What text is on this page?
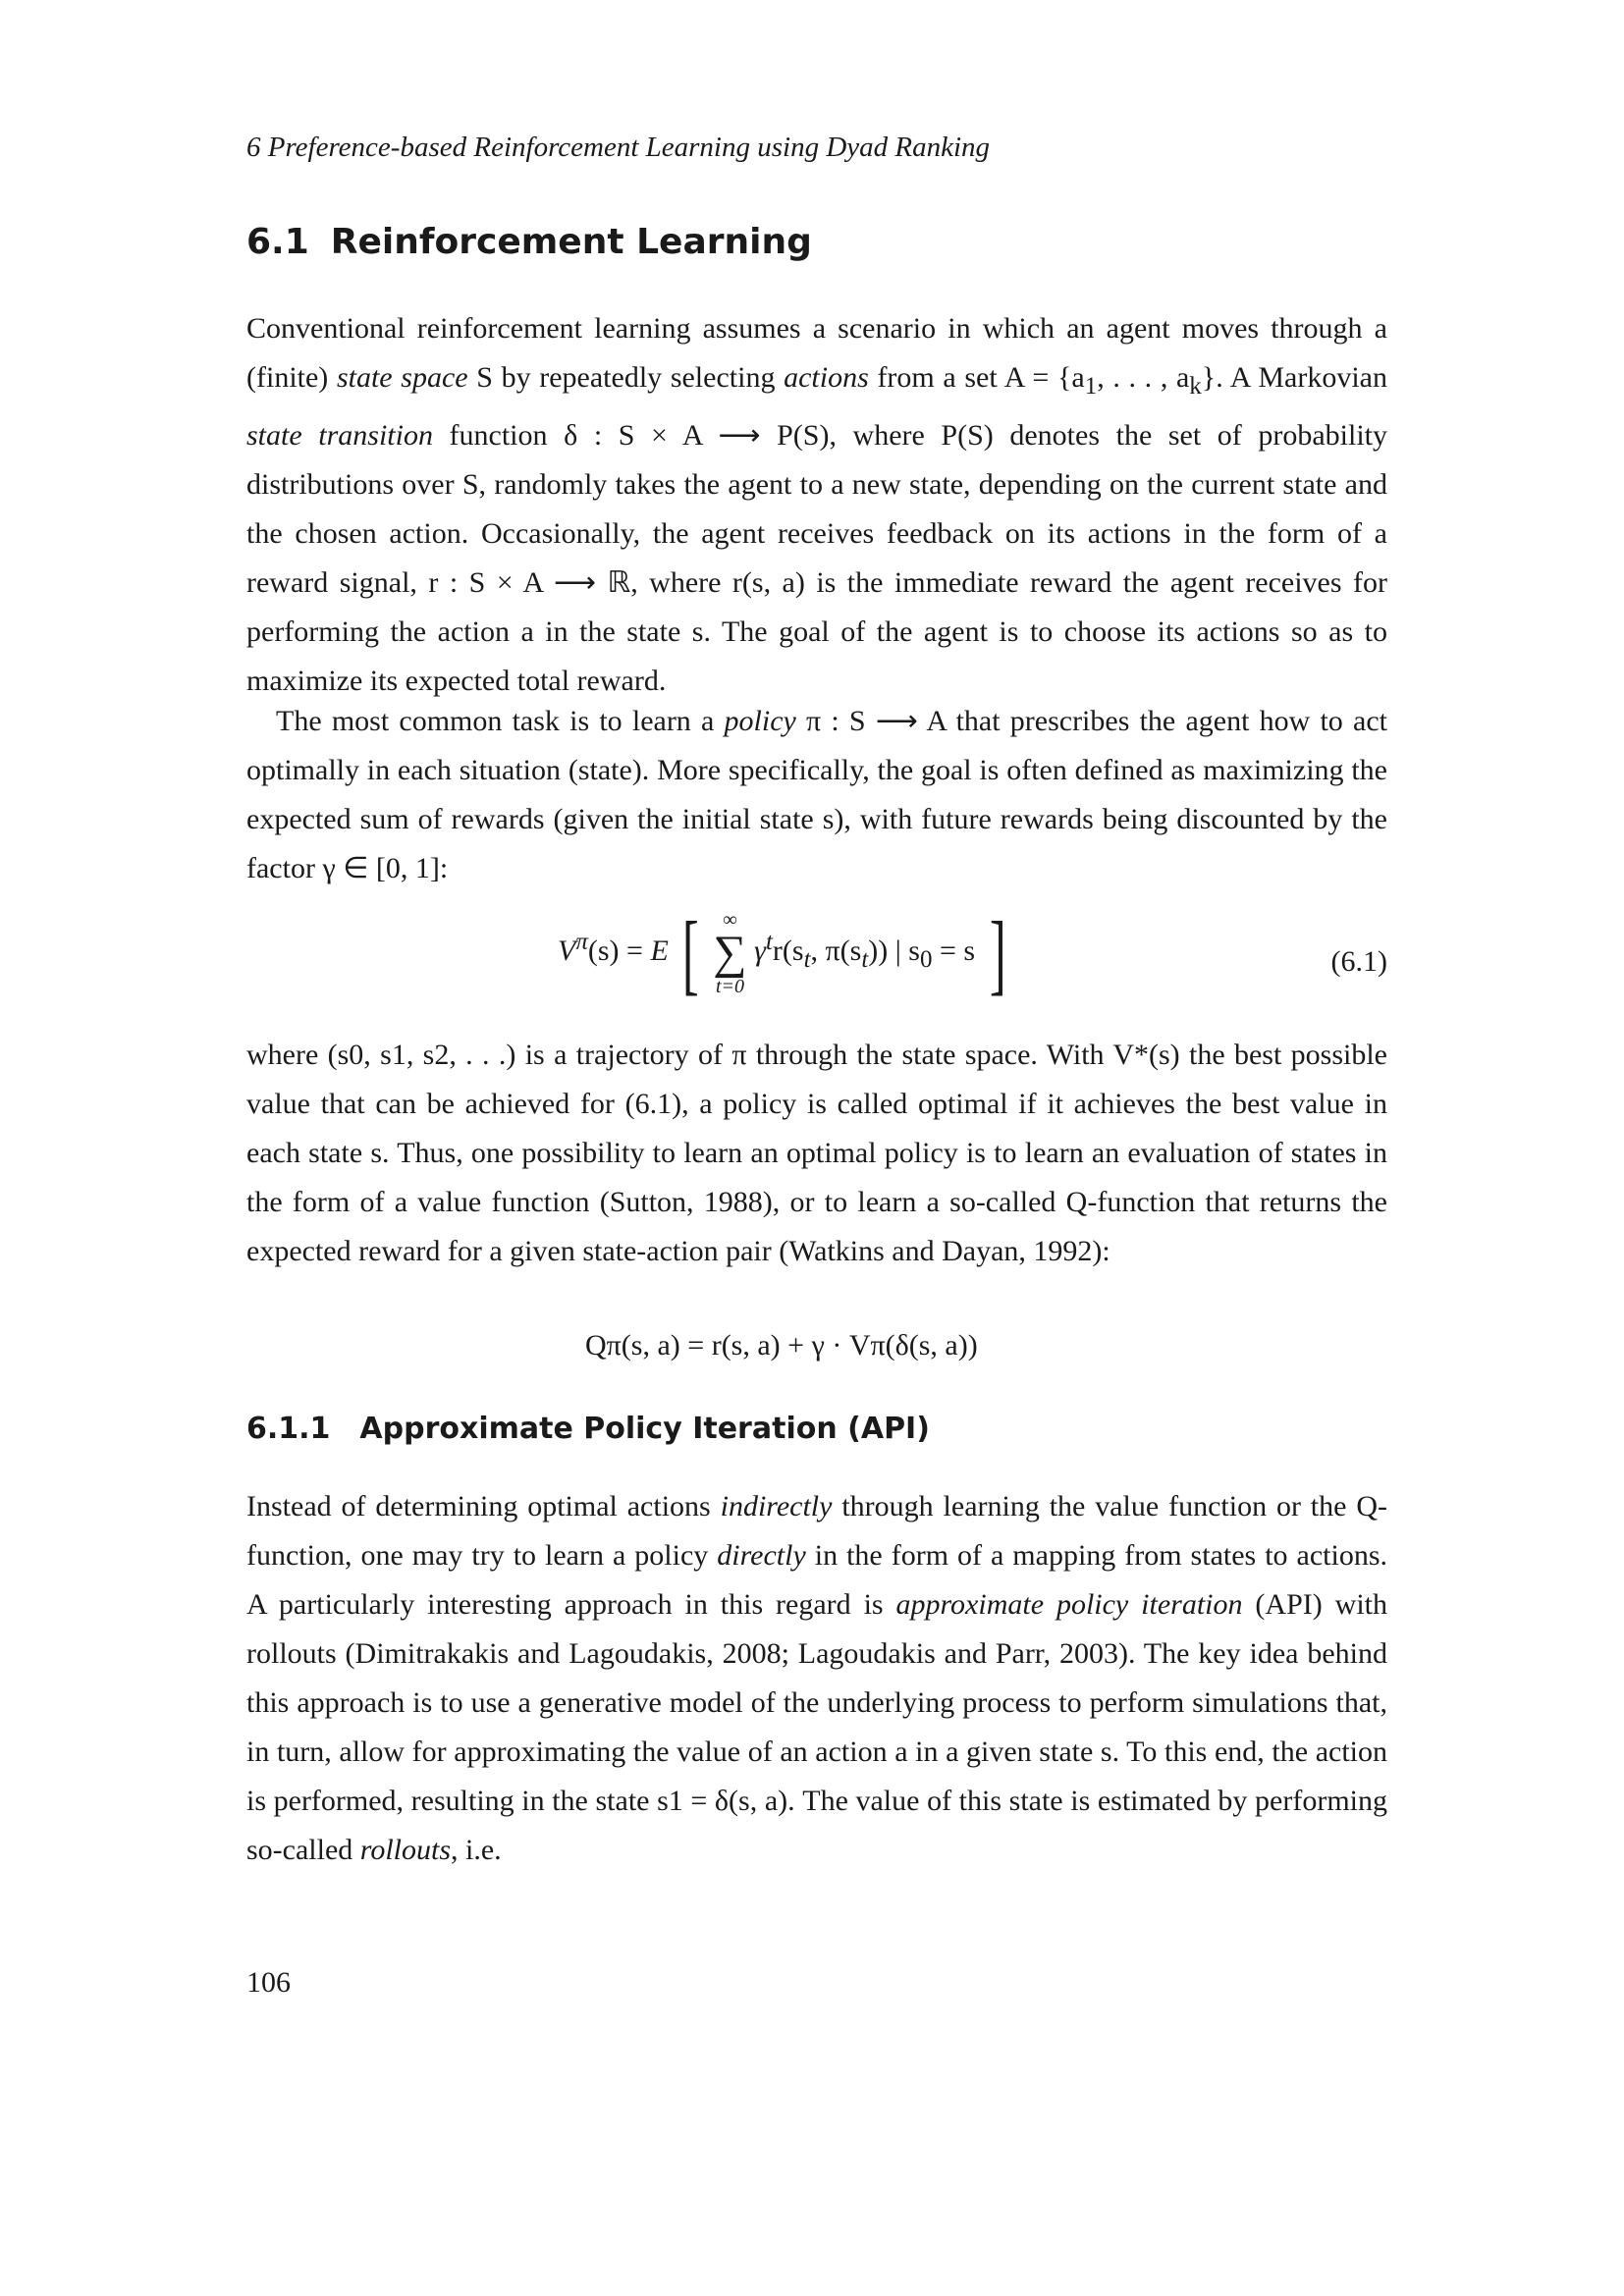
6 Preference-based Reinforcement Learning using Dyad Ranking
6.1 Reinforcement Learning

Conventional reinforcement learning assumes a scenario in which an agent moves through a (finite) state space S by repeatedly selecting actions from a set $A = \{a_1$, . . . , $a_k$}. A Markovian state transition function δ : S × A ⟶ P(S), where P(S) denotes the set of probability distributions over S, randomly takes the agent to a new state, depending on the current state and the chosen action. Occasionally, the agent receives feedback on its actions in the form of a reward signal, r : S × A ⟶ ℝ, where r(s, a) is the immediate reward the agent receives for performing the action a in the state s. The goal of the agent is to choose its actions so as to maximize its expected total reward.

The most common task is to learn a policy π : S ⟶ A that prescribes the agent how to act optimally in each situation (state). More specifically, the goal is often defined as maximizing the expected sum of rewards (given the initial state s), with future rewards being discounted by the factor γ ∈ [0, 1]:

$V^\pi(s) = E$ [	∞
∑
t=0
$\gamma^tr(s_t$, $\pi(s_t)$) | $s_0 = s$ ]	(6.1)

where (s0, s1, s2, . . .) is a trajectory of π through the state space. With V*(s) the best possible value that can be achieved for (6.1), a policy is called optimal if it achieves the best value in each state s. Thus, one possibility to learn an optimal policy is to learn an evaluation of states in the form of a value function (Sutton, 1988), or to learn a so-called Q-function that returns the expected reward for a given state-action pair (Watkins and Dayan, 1992):

Qπ(s, a) = r(s, a) + γ · Vπ(δ(s, a))
6.1.1 Approximate Policy Iteration (API)

Instead of determining optimal actions indirectly through learning the value function or the Q-function, one may try to learn a policy directly in the form of a mapping from states to actions. A particularly interesting approach in this regard is approximate policy iteration (API) with rollouts (Dimitrakakis and Lagoudakis, 2008; Lagoudakis and Parr, 2003). The key idea behind this approach is to use a generative model of the underlying process to perform simulations that, in turn, allow for approximating the value of an action a in a given state s. To this end, the action is performed, resulting in the state s1 = δ(s, a). The value of this state is estimated by performing so-called rollouts, i.e.

106
